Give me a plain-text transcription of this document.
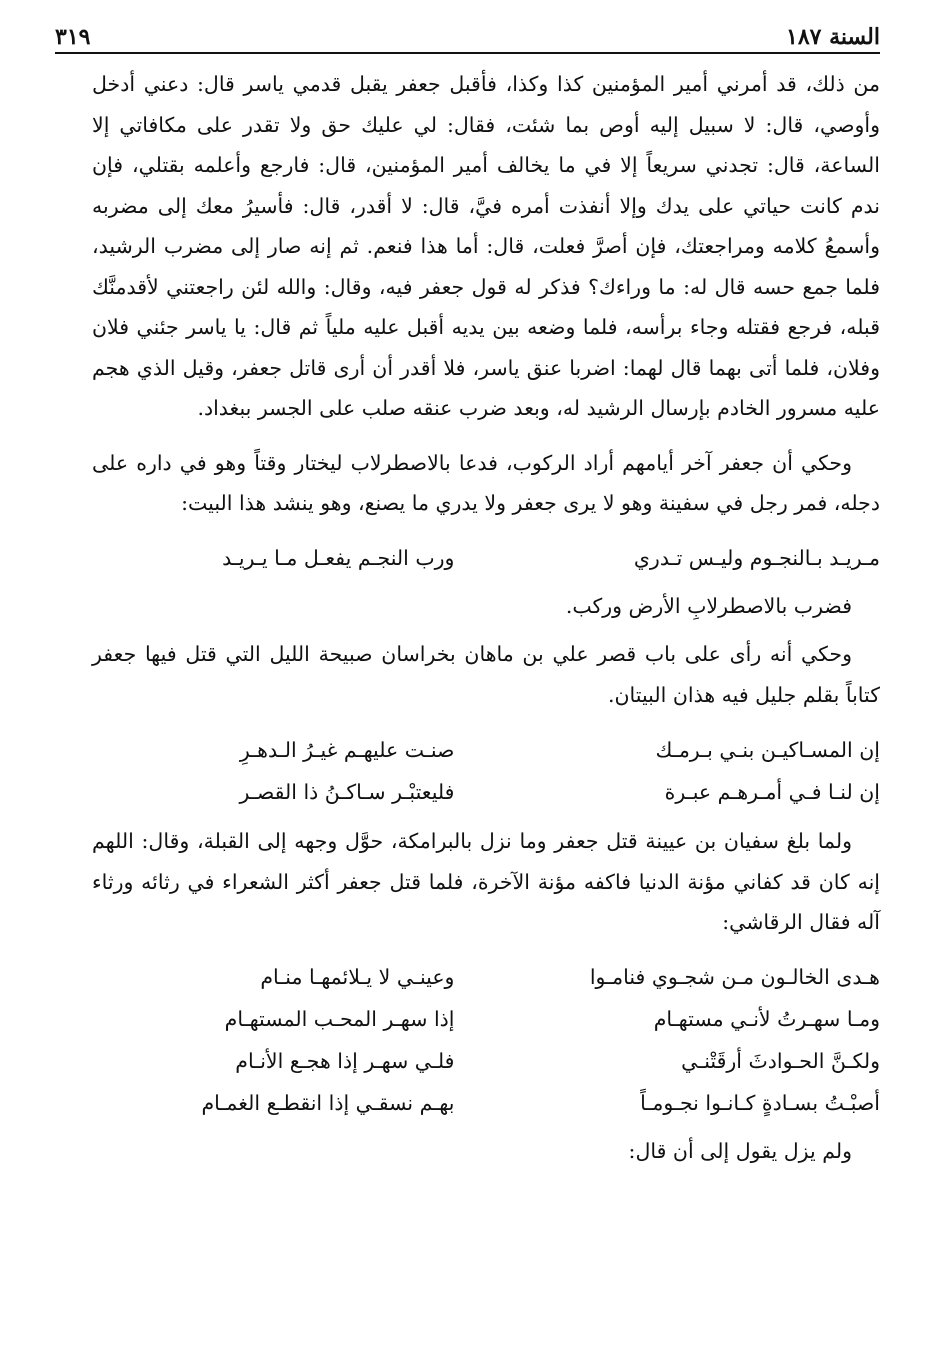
السنة ١٨٧
٣١٩

من ذلك، قد أمرني أمير المؤمنين كذا وكذا، فأقبل جعفر يقبل قدمي ياسر قال: دعني أدخل وأوصي، قال: لا سبيل إليه أوص بما شئت، فقال: لي عليك حق ولا تقدر على مكافاتي إلا الساعة، قال: تجدني سريعاً إلا في ما يخالف أمير المؤمنين، قال: فارجع وأعلمه بقتلي، فإن ندم كانت حياتي على يدك وإلا أنفذت أمره فيَّ، قال: لا أقدر، قال: فأسيرُ معك إلى مضربه وأسمعُ كلامه ومراجعتك، فإن أصرَّ فعلت، قال: أما هذا فنعم. ثم إنه صار إلى مضرب الرشيد، فلما جمع حسه قال له: ما وراءك؟ فذكر له قول جعفر فيه، وقال: والله لئن راجعتني لأقدمنَّك قبله، فرجع فقتله وجاء برأسه، فلما وضعه بين يديه أقبل عليه ملياً ثم قال: يا ياسر جئني فلان وفلان، فلما أتى بهما قال لهما: اضربا عنق ياسر، فلا أقدر أن أرى قاتل جعفر، وقيل الذي هجم عليه مسرور الخادم بإرسال الرشيد له، وبعد ضرب عنقه صلب على الجسر ببغداد.

وحكي أن جعفر آخر أيامهم أراد الركوب، فدعا بالاصطرلاب ليختار وقتاً وهو في داره على دجله، فمر رجل في سفينة وهو لا يرى جعفر ولا يدري ما يصنع، وهو ينشد هذا البيت:

مـريـد بـالنجـوم وليـس تـدري
ورب النجـم يفعـل مـا يـريـد

فضرب بالاصطرلابِ الأرض وركب.

وحكي أنه رأى على باب قصر علي بن ماهان بخراسان صبيحة الليل التي قتل فيها جعفر كتاباً بقلم جليل فيه هذان البيتان.

إن المسـاكيـن بنـي بـرمـك
صنـت عليهـم غيـرُ الـدهـرِ
إن لنـا فـي أمـرهـم عبـرة
فليعتبْـر سـاكـنُ ذا القصـر

ولما بلغ سفيان بن عيينة قتل جعفر وما نزل بالبرامكة، حوَّل وجهه إلى القبلة، وقال: اللهم إنه كان قد كفاني مؤنة الدنيا فاكفه مؤنة الآخرة، فلما قتل جعفر أكثر الشعراء في رثائه ورثاء آله فقال الرقاشي:

هـدى الخالـون مـن شجـوي فنامـوا
وعينـي لا يـلائمهـا منـام
ومـا سهـرتُ لأنـي مستهـام
إذا سهـر المحـب المستهـام
ولكـنَّ الحـوادثَ أرقَتْنـي
فلـي سهـر إذا هجـع الأنـام
أصبْـتُ بسـادةٍ كـانـوا نجـومـاً
بهـم نسقـي إذا انقطـع الغمـام

ولم يزل يقول إلى أن قال:
